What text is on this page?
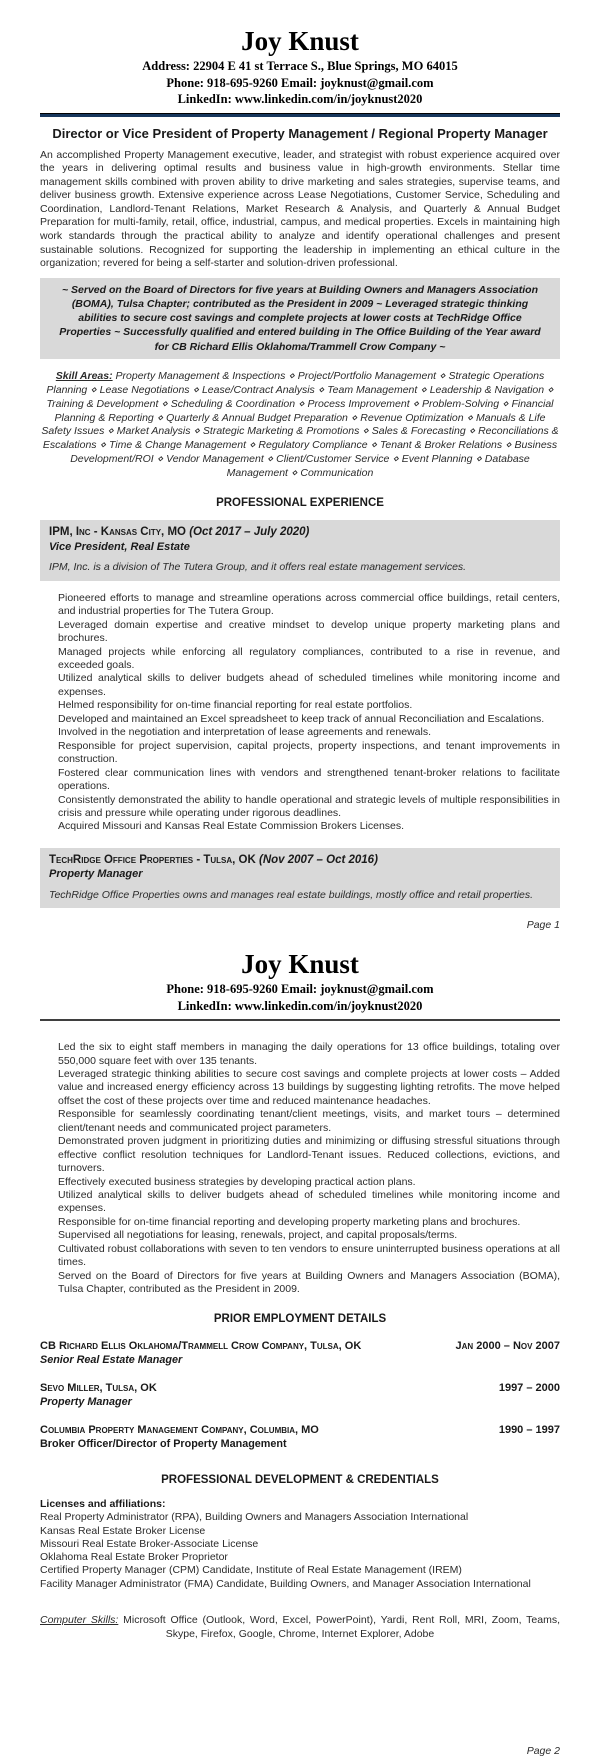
Joy Knust
Address: 22904 E 41 st Terrace S., Blue Springs, MO 64015
Phone: 918-695-9260 Email: joyknust@gmail.com
LinkedIn: www.linkedin.com/in/joyknust2020
Director or Vice President of Property Management / Regional Property Manager
An accomplished Property Management executive, leader, and strategist with robust experience acquired over the years in delivering optimal results and business value in high-growth environments. Stellar time management skills combined with proven ability to drive marketing and sales strategies, supervise teams, and deliver business growth. Extensive experience across Lease Negotiations, Customer Service, Scheduling and Coordination, Landlord-Tenant Relations, Market Research & Analysis, and Quarterly & Annual Budget Preparation for multi-family, retail, office, industrial, campus, and medical properties. Excels in maintaining high work standards through the practical ability to analyze and identify operational challenges and present sustainable solutions. Recognized for supporting the leadership in implementing an ethical culture in the organization; revered for being a self-starter and solution-driven professional.
~ Served on the Board of Directors for five years at Building Owners and Managers Association (BOMA), Tulsa Chapter; contributed as the President in 2009 ~ Leveraged strategic thinking abilities to secure cost savings and complete projects at lower costs at TechRidge Office Properties ~ Successfully qualified and entered building in The Office Building of the Year award for CB Richard Ellis Oklahoma/Trammell Crow Company ~
Skill Areas: Property Management & Inspections ⋄ Project/Portfolio Management ⋄ Strategic Operations Planning ⋄ Lease Negotiations ⋄ Lease/Contract Analysis ⋄ Team Management ⋄ Leadership & Navigation ⋄ Training & Development ⋄ Scheduling & Coordination ⋄ Process Improvement ⋄ Problem-Solving ⋄ Financial Planning & Reporting ⋄ Quarterly & Annual Budget Preparation ⋄ Revenue Optimization ⋄ Manuals & Life Safety Issues ⋄ Market Analysis ⋄ Strategic Marketing & Promotions ⋄ Sales & Forecasting ⋄ Reconciliations & Escalations ⋄ Time & Change Management ⋄ Regulatory Compliance ⋄ Tenant & Broker Relations ⋄ Business Development/ROI ⋄ Vendor Management ⋄ Client/Customer Service ⋄ Event Planning ⋄ Database Management ⋄ Communication
PROFESSIONAL EXPERIENCE
IPM, Inc - Kansas City, MO (Oct 2017 – July 2020)
Vice President, Real Estate
IPM, Inc. is a division of The Tutera Group, and it offers real estate management services.
Pioneered efforts to manage and streamline operations across commercial office buildings, retail centers, and industrial properties for The Tutera Group.
Leveraged domain expertise and creative mindset to develop unique property marketing plans and brochures.
Managed projects while enforcing all regulatory compliances, contributed to a rise in revenue, and exceeded goals.
Utilized analytical skills to deliver budgets ahead of scheduled timelines while monitoring income and expenses.
Helmed responsibility for on-time financial reporting for real estate portfolios.
Developed and maintained an Excel spreadsheet to keep track of annual Reconciliation and Escalations.
Involved in the negotiation and interpretation of lease agreements and renewals.
Responsible for project supervision, capital projects, property inspections, and tenant improvements in construction.
Fostered clear communication lines with vendors and strengthened tenant-broker relations to facilitate operations.
Consistently demonstrated the ability to handle operational and strategic levels of multiple responsibilities in crisis and pressure while operating under rigorous deadlines.
Acquired Missouri and Kansas Real Estate Commission Brokers Licenses.
TechRidge Office Properties - Tulsa, OK (Nov 2007 – Oct 2016)
Property Manager
TechRidge Office Properties owns and manages real estate buildings, mostly office and retail properties.
Page 1
Joy Knust
Phone: 918-695-9260 Email: joyknust@gmail.com
LinkedIn: www.linkedin.com/in/joyknust2020
Led the six to eight staff members in managing the daily operations for 13 office buildings, totaling over 550,000 square feet with over 135 tenants.
Leveraged strategic thinking abilities to secure cost savings and complete projects at lower costs – Added value and increased energy efficiency across 13 buildings by suggesting lighting retrofits. The move helped offset the cost of these projects over time and reduced maintenance headaches.
Responsible for seamlessly coordinating tenant/client meetings, visits, and market tours – determined client/tenant needs and communicated project parameters.
Demonstrated proven judgment in prioritizing duties and minimizing or diffusing stressful situations through effective conflict resolution techniques for Landlord-Tenant issues. Reduced collections, evictions, and turnovers.
Effectively executed business strategies by developing practical action plans.
Utilized analytical skills to deliver budgets ahead of scheduled timelines while monitoring income and expenses.
Responsible for on-time financial reporting and developing property marketing plans and brochures.
Supervised all negotiations for leasing, renewals, project, and capital proposals/terms.
Cultivated robust collaborations with seven to ten vendors to ensure uninterrupted business operations at all times.
Served on the Board of Directors for five years at Building Owners and Managers Association (BOMA), Tulsa Chapter, contributed as the President in 2009.
PRIOR EMPLOYMENT DETAILS
CB Richard Ellis Oklahoma/Trammell Crow Company, Tulsa, OK	Jan 2000 – Nov 2007
Senior Real Estate Manager
Sevo Miller, Tulsa, OK	1997 – 2000
Property Manager
Columbia Property Management Company, Columbia, MO	1990 – 1997
Broker Officer/Director of Property Management
PROFESSIONAL DEVELOPMENT & CREDENTIALS
Licenses and affiliations:
Real Property Administrator (RPA), Building Owners and Managers Association International
Kansas Real Estate Broker License
Missouri Real Estate Broker-Associate License
Oklahoma Real Estate Broker Proprietor
Certified Property Manager (CPM) Candidate, Institute of Real Estate Management (IREM)
Facility Manager Administrator (FMA) Candidate, Building Owners, and Manager Association International
Computer Skills: Microsoft Office (Outlook, Word, Excel, PowerPoint), Yardi, Rent Roll, MRI, Zoom, Teams, Skype, Firefox, Google, Chrome, Internet Explorer, Adobe
Page 2
